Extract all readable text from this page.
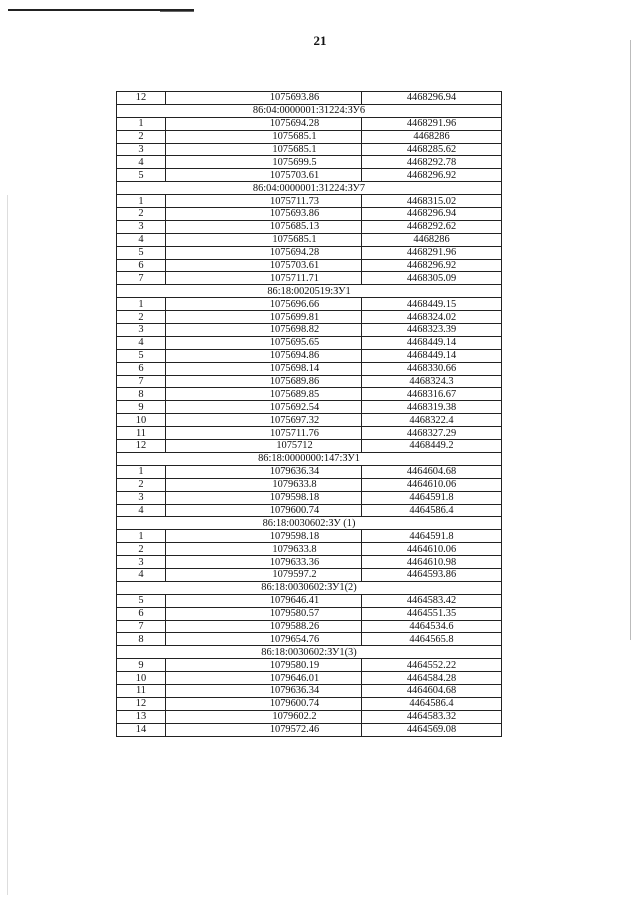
21
12	1075693.86	4468296.94
86:04:0000001:31224:ЗУ6		
1	1075694.28	4468291.96
2	1075685.1	4468286
3	1075685.1	4468285.62
4	1075699.5	4468292.78
5	1075703.61	4468296.92
86:04:0000001:31224:ЗУ7		
1	1075711.73	4468315.02
2	1075693.86	4468296.94
3	1075685.13	4468292.62
4	1075685.1	4468286
5	1075694.28	4468291.96
6	1075703.61	4468296.92
7	1075711.71	4468305.09
86:18:0020519:ЗУ1		
1	1075696.66	4468449.15
2	1075699.81	4468324.02
3	1075698.82	4468323.39
4	1075695.65	4468449.14
5	1075694.86	4468449.14
6	1075698.14	4468330.66
7	1075689.86	4468324.3
8	1075689.85	4468316.67
9	1075692.54	4468319.38
10	1075697.32	4468322.4
11	1075711.76	4468327.29
12	1075712	4468449.2
86:18:0000000:147:ЗУ1		
1	1079636.34	4464604.68
2	1079633.8	4464610.06
3	1079598.18	4464591.8
4	1079600.74	4464586.4
86:18:0030602:ЗУ (1)		
1	1079598.18	4464591.8
2	1079633.8	4464610.06
3	1079633.36	4464610.98
4	1079597.2	4464593.86
86:18:0030602:ЗУ1(2)		
5	1079646.41	4464583.42
6	1079580.57	4464551.35
7	1079588.26	4464534.6
8	1079654.76	4464565.8
86:18:0030602:ЗУ1(3)		
9	1079580.19	4464552.22
10	1079646.01	4464584.28
11	1079636.34	4464604.68
12	1079600.74	4464586.4
13	1079602.2	4464583.32
14	1079572.46	4464569.08
